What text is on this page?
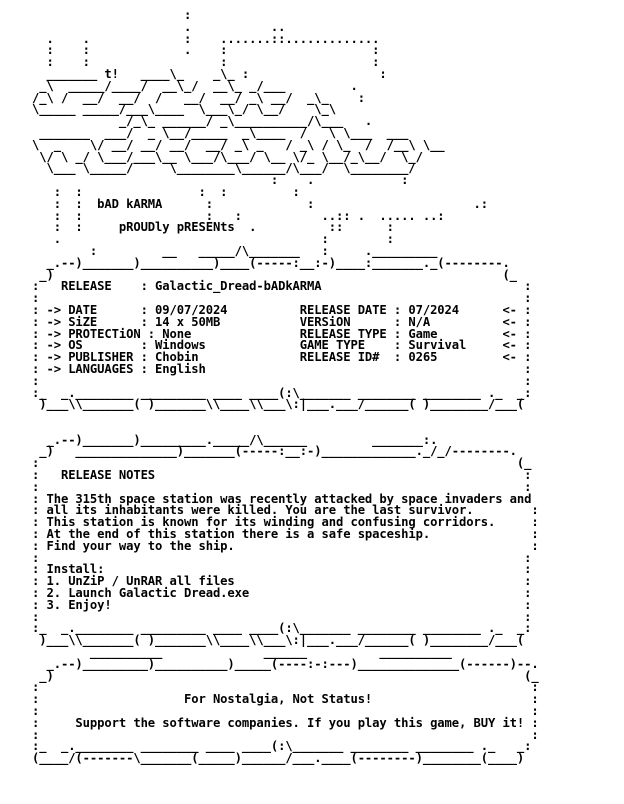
:
.           ..
.    .             :    .......::.............
:    :             .    :                    :
:    :                  :                    :
_______ t!   ____\_    _\_ :                  :
_\  _____/____/  __\_/  __\_ _/___         .
/_\ /  __/  __/  /   __/  __/ _\ __/  _\_    :
\_____ _____/___\____  \___\_/ \__/    \_\
_/_\_ ______/ _\__________/\___   .
_______  ___/  _ \__/_____  _\____  /   \ \___  ___
\  _    \/ __/ __/ __/  __/ _\ _   / _\ / \_  /  /__\ \__
\/ \ _/ \___/___\__ \___/\___/ \__ \/_ \__/_\__/  \_/
\___ \_____/     \________\______/\___/  \________/
:    .            :
:  :                :  :         :
:  :  bAD kARMA      :             :                      .:
:  :                 :   :           ..:: .  ..... ..:
:  :     pROUDly pRESENts  .          ::      :
.                                    :        :
:         __   _____/\_______   :     ._________
_.--)_______)__________)____(-----:__:-)____:_______._(--------.
_)                                                              (_
:   RELEASE    : Galactic_Dread-bADkARMA                            :
:                                                                   :
: -> DATE      : 09/07/2024          RELEASE DATE : 07/2024      <- :
: -> SiZE      : 14 x 50MB           VERSiON      : N/A          <- :
: -> PROTECTiON : None               RELEASE TYPE : Game         <- :
: -> OS        : Windows             GAME TYPE    : Survival     <- :
: -> PUBLISHER : Chobin              RELEASE ID#  : 0265         <- :
: -> LANGUAGES : English                                            :
:                                                                   :
:_  _.________ _________ ____ ____(:\_______ ________ ________ ._  _:
)___\\_______( )_______\\____\\___\:|___.___/______( )________/___(

_.--)_______)_________._____/\______         _______:.
_)   ______________)_______(-----:__:-)_____________._/_/--------.
:                                                                  (_
:   RELEASE NOTES                                                   :
:                                                                   :
: The 315th space station was recently attacked by space invaders and
: all its inhabitants were killed. You are the last survivor.        :
: This station is known for its winding and confusing corridors.     :
: At the end of this station there is a safe spaceship.              :
: Find your way to the ship.                                         :
:                                                                   :
: Install:                                                          :
: 1. UnZiP / UnRAR all files                                        :
: 2. Launch Galactic Dread.exe                                      :
: 3. Enjoy!                                                         :
:                                                                   :
:_  _.________ _________ ____ ____(:\_______ ________ ________ ._  _:
)___\\_______( )_______\\____\\___\:|___.___/______( )________/___(
__________              ______          __________
_.--)_________)__________)_____(----:-:---)______________(------)--.
_)                                                                 (_
:                                                                    :
:                    For Nostalgia, Not Status!                      :
:                                                                    :
:     Support the software companies. If you play this game, BUY it! :
:                                                                    :
:_  _.________ ________ ____ ____(:\_______ ________ ________ ._   _:
(____/(-------\_______(_____)______/___.____(--------)________(____)
